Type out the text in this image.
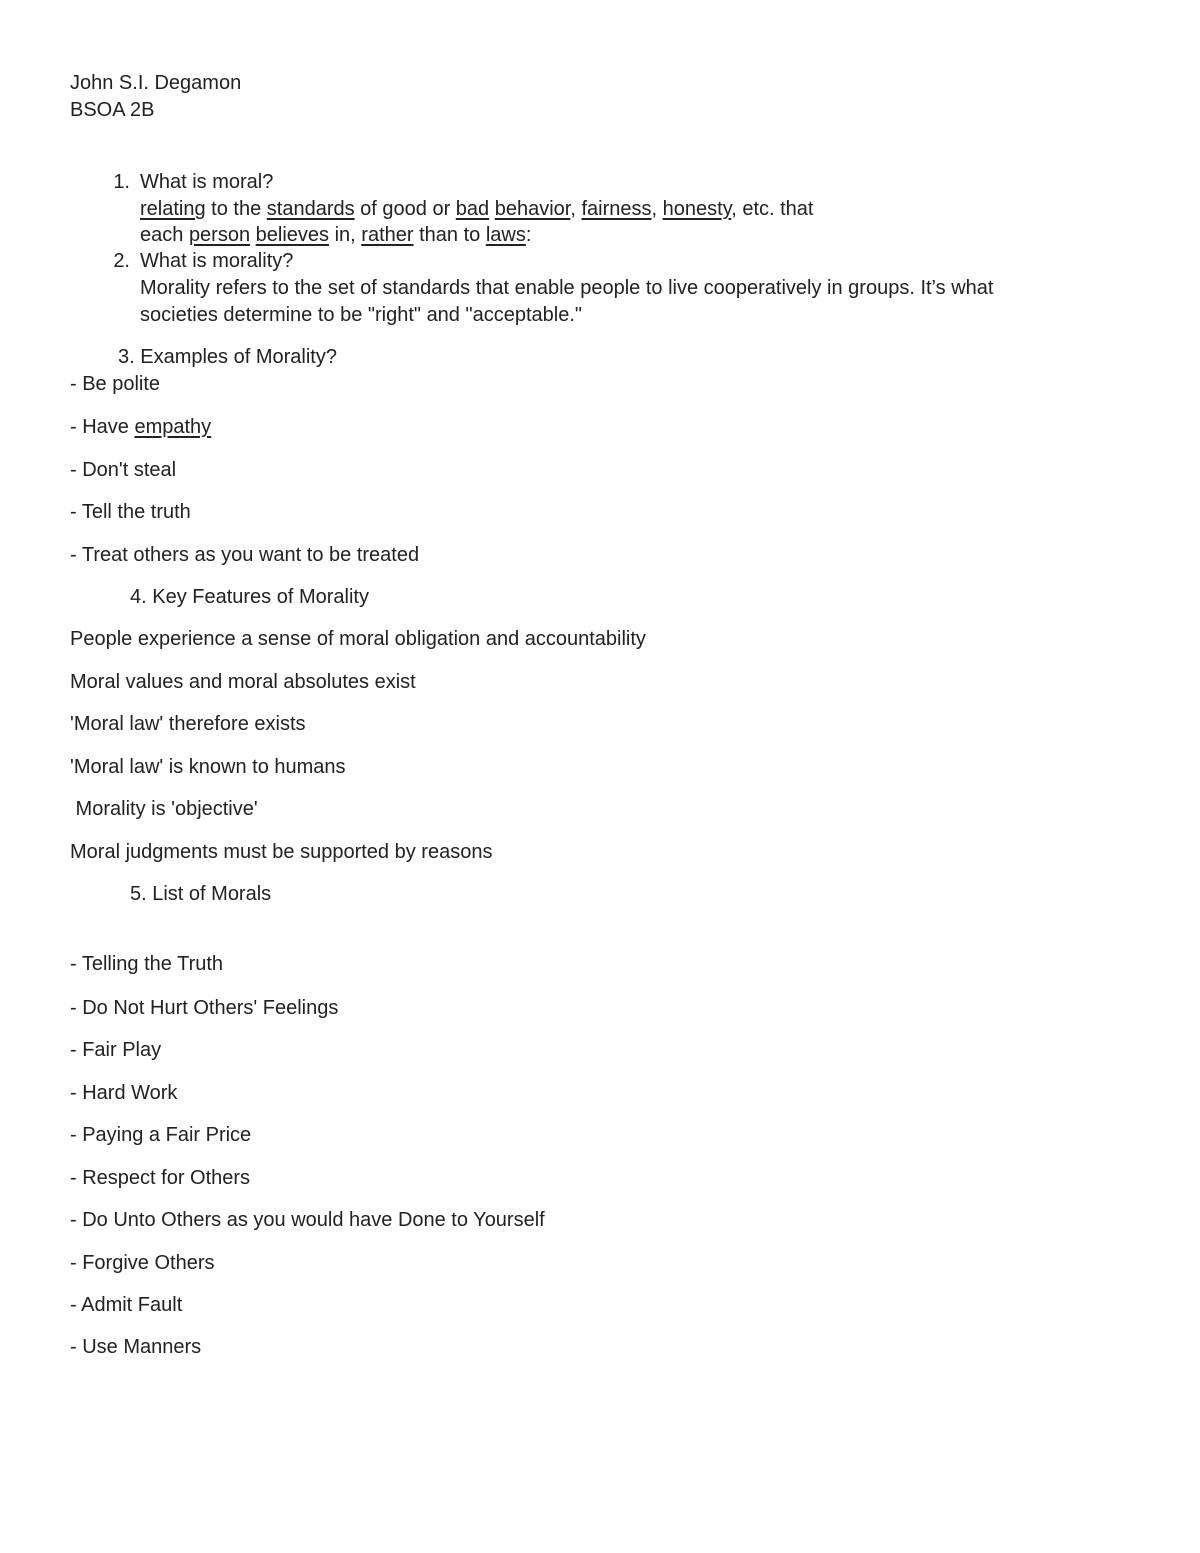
John S.I. Degamon
BSOA 2B
1. What is moral?
relating to the standards of good or bad behavior, fairness, honesty, etc. that
each person believes in, rather than to laws:
2. What is morality?
Morality refers to the set of standards that enable people to live cooperatively in groups. It’s what
societies determine to be "right" and "acceptable."
3. Examples of Morality?
- Be polite
- Have empathy
- Don't steal
- Tell the truth
- Treat others as you want to be treated
4. Key Features of Morality
People experience a sense of moral obligation and accountability
Moral values and moral absolutes exist
'Moral law' therefore exists
'Moral law' is known to humans
Morality is 'objective'
Moral judgments must be supported by reasons
5. List of Morals
- Telling the Truth
- Do Not Hurt Others' Feelings
- Fair Play
- Hard Work
- Paying a Fair Price
- Respect for Others
- Do Unto Others as you would have Done to Yourself
- Forgive Others
- Admit Fault
- Use Manners
